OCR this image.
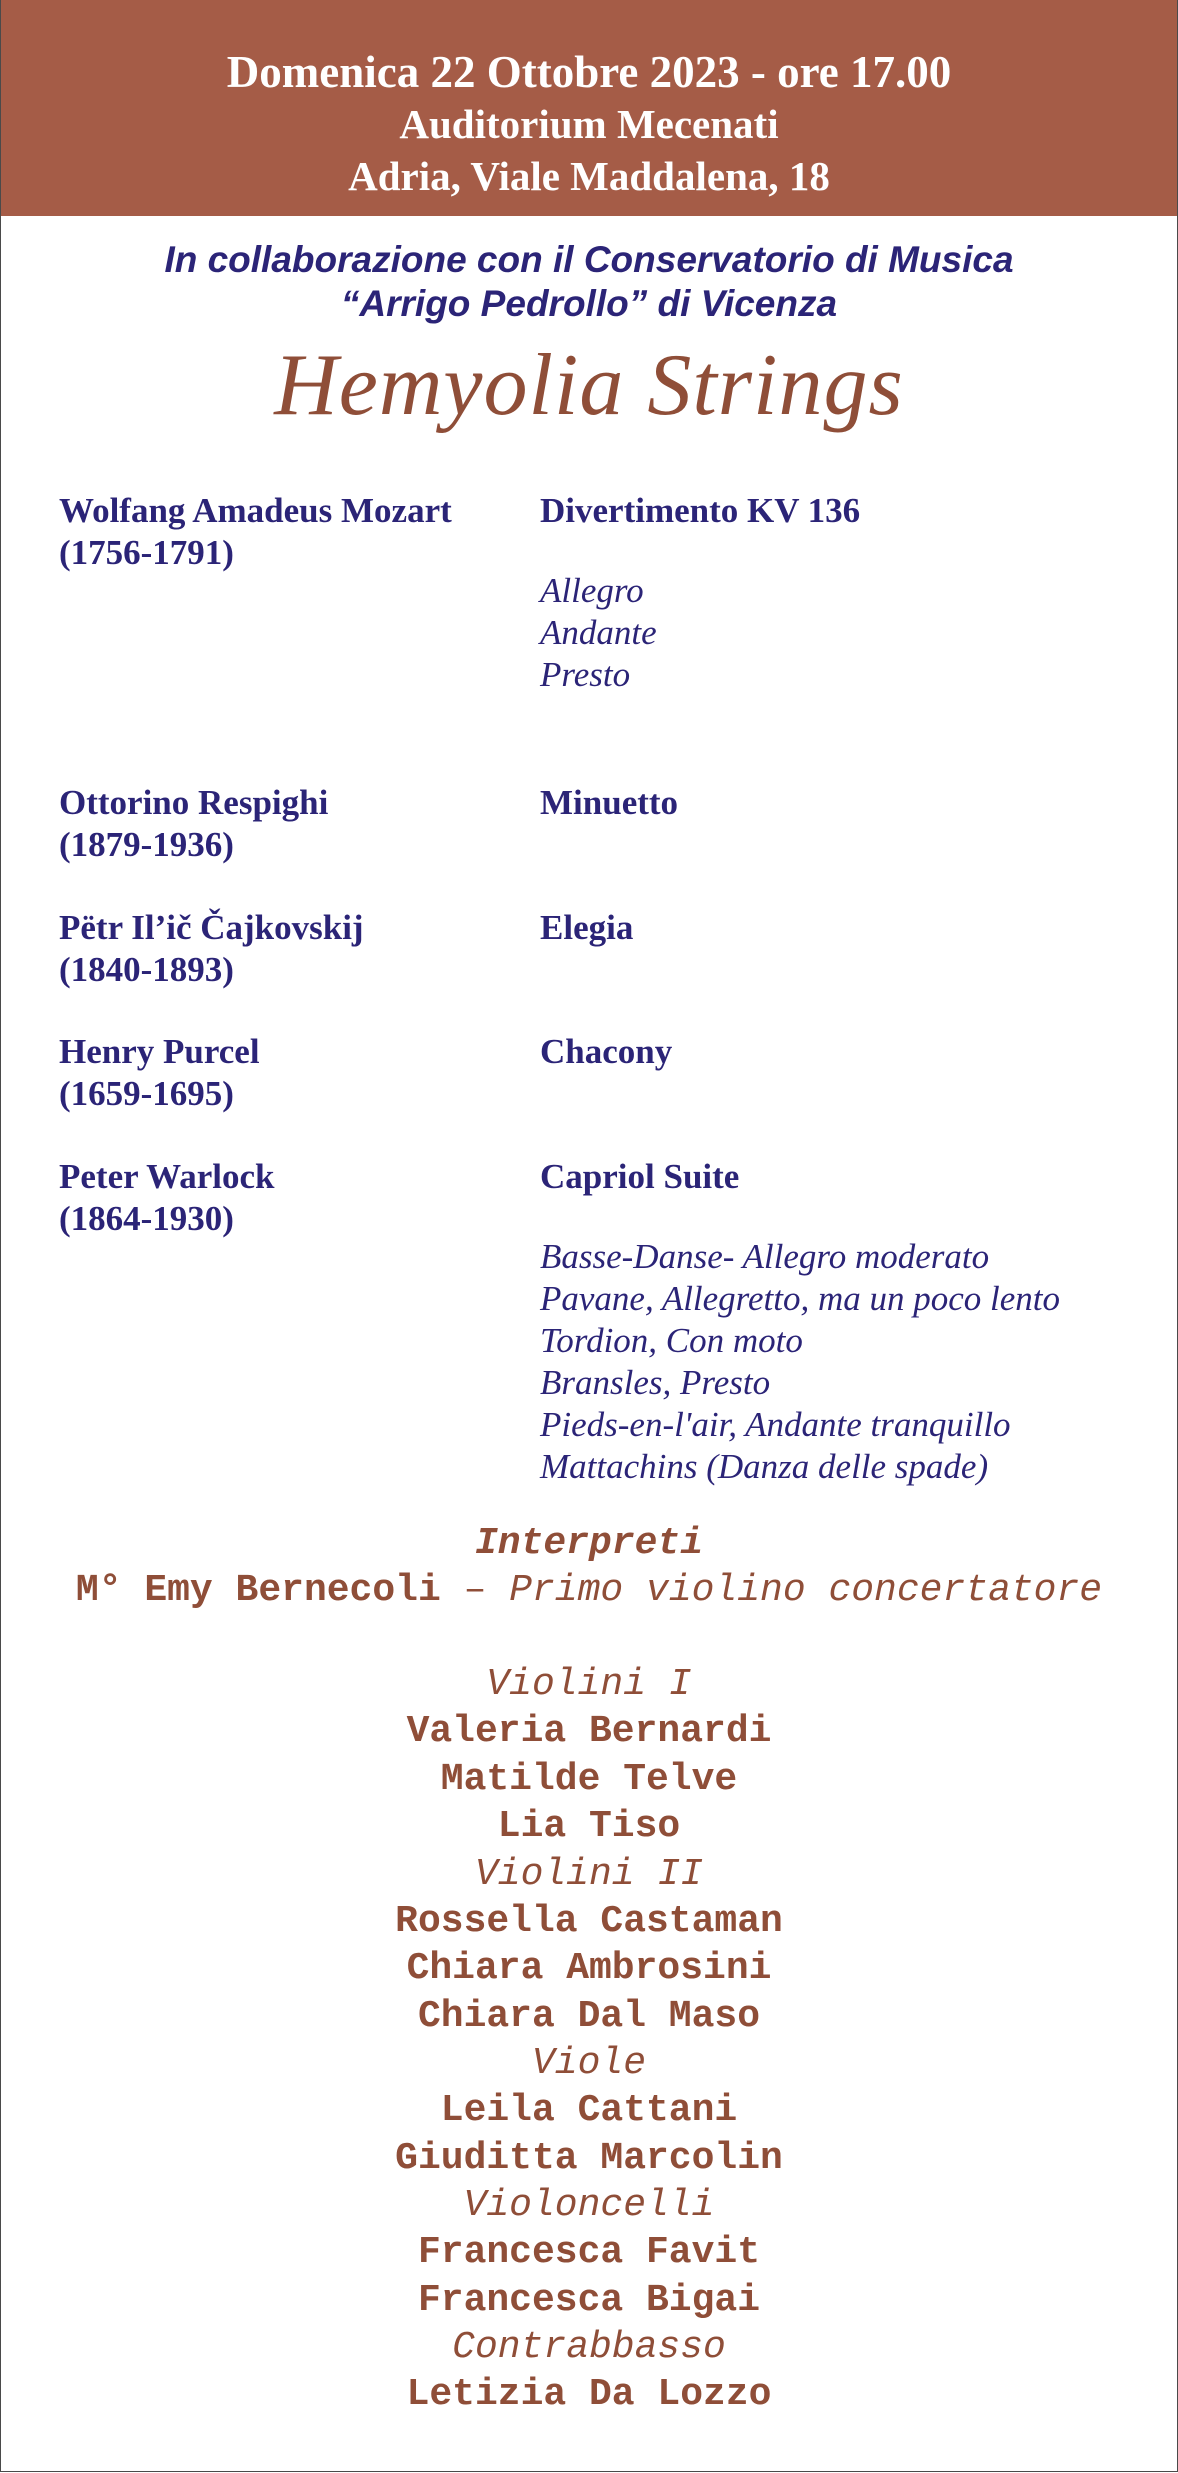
Domenica 22 Ottobre 2023 - ore 17.00
Auditorium Mecenati
Adria, Viale Maddalena, 18
In collaborazione con il Conservatorio di Musica
“Arrigo Pedrollo” di Vicenza
Hemyolia Strings
Wolfang Amadeus Mozart
(1756-1791)
Divertimento KV 136
Allegro
Andante
Presto
Ottorino Respighi
(1879-1936)
Minuetto
Pëtr Il’ič Čajkovskij
(1840-1893)
Elegia
Henry Purcel
(1659-1695)
Chacony
Peter Warlock
(1864-1930)
Capriol Suite
Basse-Danse- Allegro moderato
Pavane, Allegretto, ma un poco lento
Tordion, Con moto
Bransles, Presto
Pieds-en-l'air, Andante tranquillo
Mattachins (Danza delle spade)
Interpreti
M° Emy Bernecoli – Primo violino concertatore
Violini I
Valeria Bernardi
Matilde Telve
Lia Tiso
Violini II
Rossella Castaman
Chiara Ambrosini
Chiara Dal Maso
Viole
Leila Cattani
Giuditta Marcolin
Violoncelli
Francesca Favit
Francesca Bigai
Contrabbasso
Letizia Da Lozzo
